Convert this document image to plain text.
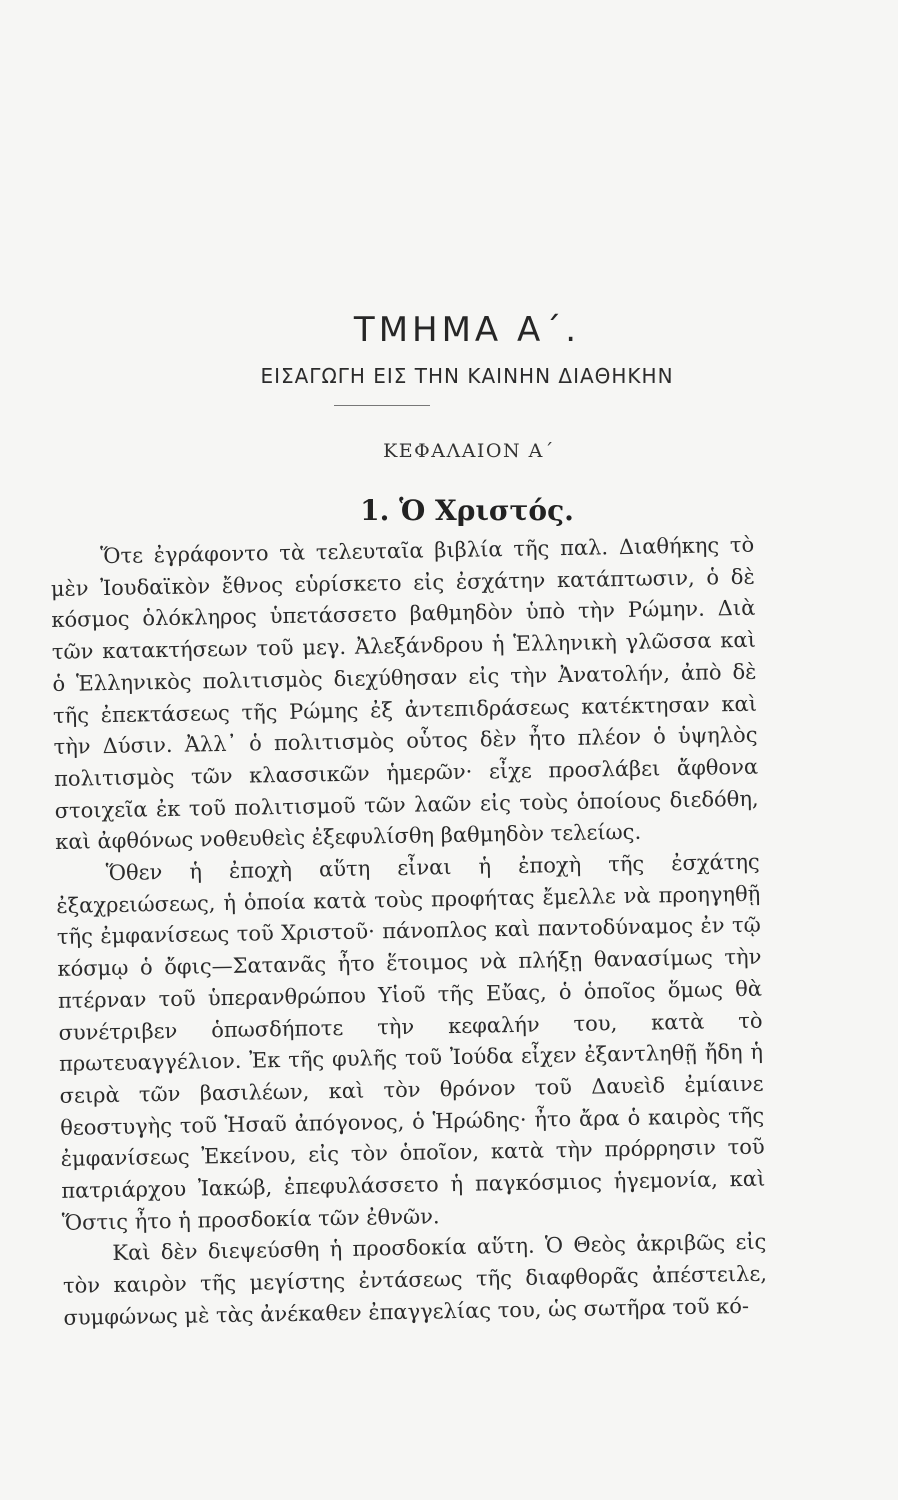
ΤΜΗΜΑ Α΄.
ΕΙΣΑΓΩΓΗ ΕΙΣ ΤΗΝ ΚΑΙΝΗΝ ΔΙΑΘΗΚΗΝ
ΚΕΦΑΛΑΙΟΝ Α΄
1. Ὁ Χριστός.

Ὅτε ἐγράφοντο τὰ τελευταῖα βιβλία τῆς παλ. Διαθήκης τὸ μὲν Ἰουδαϊκὸν ἔθνος εὑρίσκετο εἰς ἐσχάτην κατάπτωσιν, ὁ δὲ κόσμος ὁλόκληρος ὑπετάσσετο βαθμηδὸν ὑπὸ τὴν Ρώμην. Διὰ τῶν κατακτήσεων τοῦ μεγ. Ἀλεξάνδρου ἡ Ἑλληνικὴ γλῶσσα καὶ ὁ Ἑλληνικὸς πολιτισμὸς διεχύθησαν εἰς τὴν Ἀνατολήν, ἀπὸ δὲ τῆς ἐπεκτάσεως τῆς Ρώμης ἐξ ἀντεπιδράσεως κατέκτησαν καὶ τὴν Δύσιν. Ἀλλ᾽ ὁ πολιτισμὸς οὗτος δὲν ἦτο πλέον ὁ ὑψηλὸς πολιτισμὸς τῶν κλασσικῶν ἡμερῶν· εἶχε προσλάβει ἄφθονα στοιχεῖα ἐκ τοῦ πολιτισμοῦ τῶν λαῶν εἰς τοὺς ὁποίους διεδόθη, καὶ ἀφθόνως νοθευθεὶς ἐξεφυλίσθη βαθμηδὸν τελείως.

Ὅθεν ἡ ἐποχὴ αὕτη εἶναι ἡ ἐποχὴ τῆς ἐσχάτης ἐξαχρειώσεως, ἡ ὁποία κατὰ τοὺς προφήτας ἔμελλε νὰ προηγηθῇ τῆς ἐμφανίσεως τοῦ Χριστοῦ· πάνοπλος καὶ παντοδύναμος ἐν τῷ κόσμῳ ὁ ὄφις—Σατανᾶς ἦτο ἕτοιμος νὰ πλήξῃ θανασίμως τὴν πτέρναν τοῦ ὑπερανθρώπου Υἱοῦ τῆς Εὔας, ὁ ὁποῖος ὅμως θὰ συνέτριβεν ὁπωσδήποτε τὴν κεφαλήν του, κατὰ τὸ πρωτευαγγέλιον. Ἐκ τῆς φυλῆς τοῦ Ἰούδα εἶχεν ἐξαντληθῇ ἤδη ἡ σειρὰ τῶν βασιλέων, καὶ τὸν θρόνον τοῦ Δαυεὶδ ἐμίαινε θεοστυγὴς τοῦ Ἡσαῦ ἀπόγονος, ὁ Ἡρώδης· ἦτο ἄρα ὁ καιρὸς τῆς ἐμφανίσεως Ἐκείνου, εἰς τὸν ὁποῖον, κατὰ τὴν πρόρρησιν τοῦ πατριάρχου Ἰακώβ, ἐπεφυλάσσετο ἡ παγκόσμιος ἡγεμονία, καὶ Ὅστις ἦτο ἡ προσδοκία τῶν ἐθνῶν.

Καὶ δὲν διεψεύσθη ἡ προσδοκία αὕτη. Ὁ Θεὸς ἀκριβῶς εἰς τὸν καιρὸν τῆς μεγίστης ἐντάσεως τῆς διαφθορᾶς ἀπέστειλε, συμφώνως μὲ τὰς ἀνέκαθεν ἐπαγγελίας του, ὡς σωτῆρα τοῦ κό-
